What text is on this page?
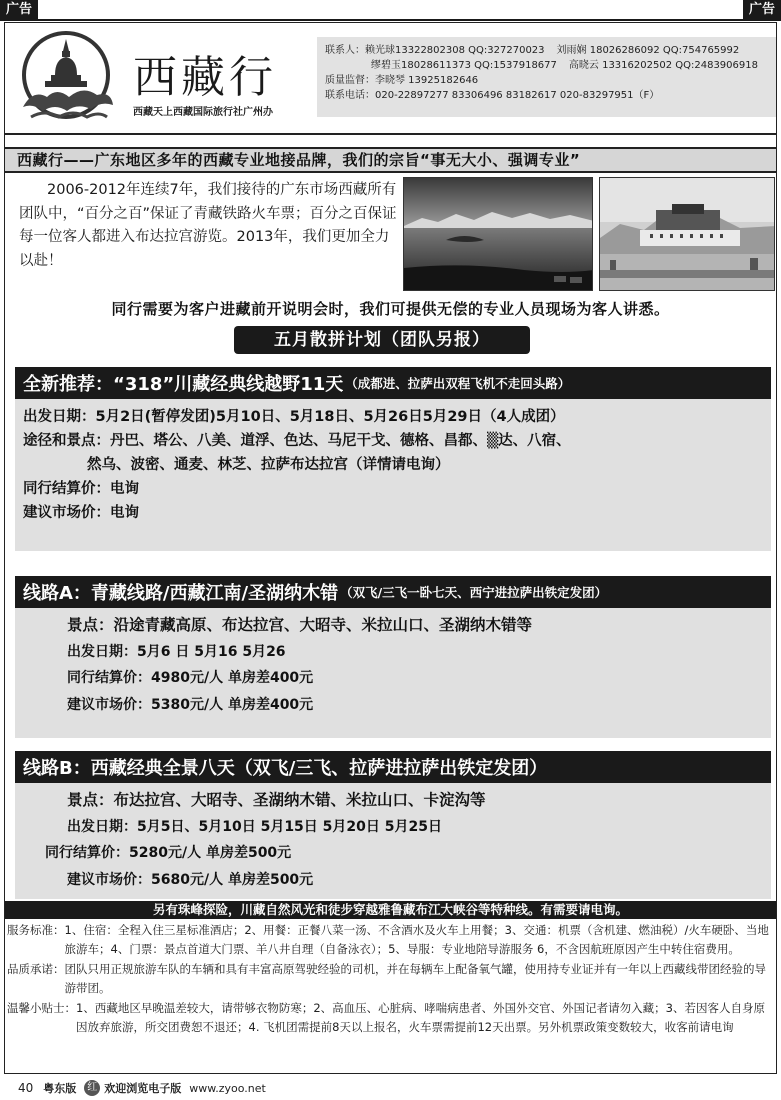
广告	广告
西藏行
西藏天上西藏国际旅行社广州办
联系人：赖光球13322802308 QQ:327270023 刘雨娴 18026286092 QQ:754765992
缪碧玉18028611373 QQ:1537918677 高晓云 13316202502 QQ:2483906918
质量监督：李晓琴 13925182646
联系电话：020-22897277 83306496 83182617 020-83297951（F）
西藏行——广东地区多年的西藏专业地接品牌，我们的宗旨“事无大小、强调专业”

2006-2012年连续7年，我们接待的广东市场西藏所有团队中，“百分之百”保证了青藏铁路火车票；百分之百保证每一位客人都进入布达拉宫游览。2013年，我们更加全力以赴！

同行需要为客户进藏前开说明会时，我们可提供无偿的专业人员现场为客人讲悉。
五月散拼计划（团队另报）
全新推荐：“318”川藏经典线越野11天 （成都进、拉萨出双程飞机不走回头路）
出发日期：5月2日(暂停发团)5月10日、5月18日、5月26日5月29日（4人成团）
途径和景点：丹巴、塔公、八美、道浮、色达、马尼干戈、德格、昌都、▒达、八宿、
然乌、波密、通麦、林芝、拉萨布达拉宫（详情请电询）
同行结算价：电询
建议市场价：电询
线路A：青藏线路/西藏江南/圣湖纳木错 （双飞/三飞一卧七天、西宁进拉萨出铁定发团）
景点：沿途青藏高原、布达拉宫、大昭寺、米拉山口、圣湖纳木错等
出发日期：5月6 日 5月16 5月26
同行结算价：4980元/人 单房差400元
建议市场价：5380元/人 单房差400元
线路B：西藏经典全景八天（双飞/三飞、拉萨进拉萨出铁定发团）
景点：布达拉宫、大昭寺、圣湖纳木错、米拉山口、卡淀沟等
出发日期：5月5日、5月10日 5月15日 5月20日 5月25日
同行结算价：5280元/人 单房差500元
建议市场价：5680元/人 单房差500元
另有珠峰探险，川藏自然风光和徒步穿越雅鲁藏布江大峡谷等特种线。有需要请电询。
服务标准： 1、住宿：全程入住三星标准酒店；2、用餐：正餐八菜一汤、不含酒水及火车上用餐；3、交通：机票（含机建、燃油税）/火车硬卧、当地旅游车；4、门票：景点首道大门票、羊八井自理（自备泳衣）；5、导服：专业地陪导游服务 6，不含因航班原因产生中转住宿费用。
品质承诺： 团队只用正规旅游车队的车辆和具有丰富高原驾驶经验的司机，并在每辆车上配备氧气罐，使用持专业证并有一年以上西藏线带团经验的导游带团。
温馨小贴士： 1、西藏地区早晚温差较大，请带够衣物防寒；2、高血压、心脏病、哮喘病患者、外国外交官、外国记者请勿入藏；3、若因客人自身原因放弃旅游，所交团费恕不退还；4. 飞机团需提前8天以上报名，火车票需提前12天出票。另外机票政策变数较大，收客前请电询
40 粤东版	红 欢迎浏览电子版 www.zyoo.net
